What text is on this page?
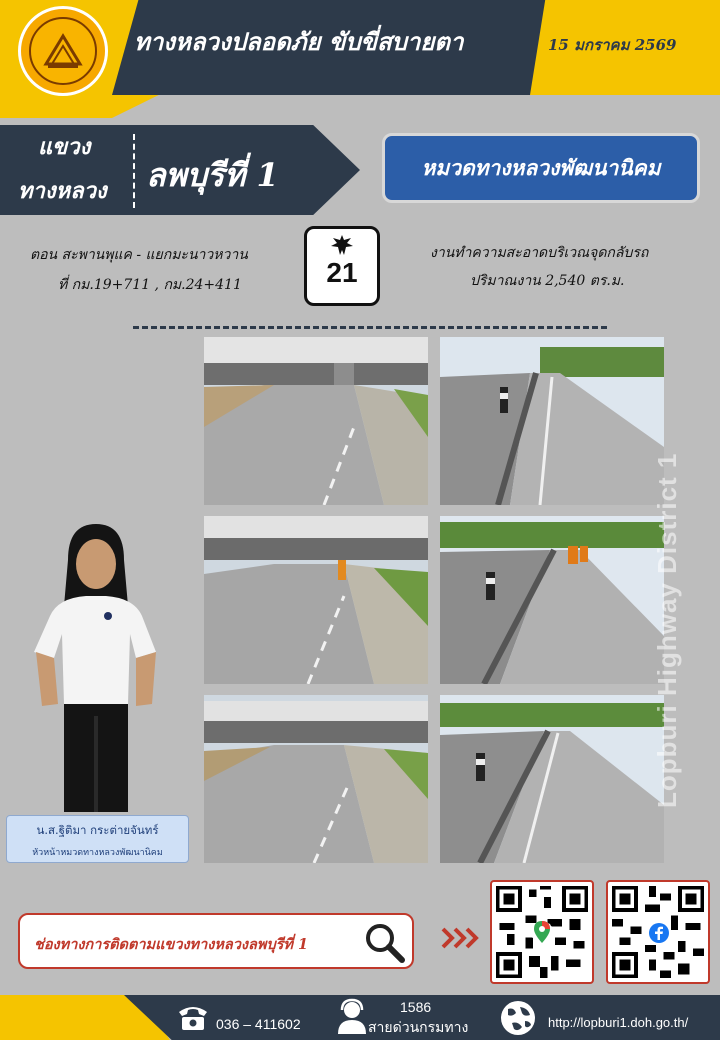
ทางหลวงปลอดภัย ขับขี่สบายตา	15 มกราคม 2569
แขวง
ทางหลวง ลพบุรีที่ 1	หมวดทางหลวงพัฒนานิคม
ตอน สะพานพุแค - แยกมะนาวหวาน
ที่ กม.19+711 , กม.24+411	21
งานทำความสะอาดบริเวณจุดกลับรถ
ปริมาณงาน 2,540 ตร.ม.
Lopburi Highway District 1
น.ส.ฐิติมา กระต่ายจันทร์
หัวหน้าหมวดทางหลวงพัฒนานิคม
ช่องทางการติดตามแขวงทางหลวงลพบุรีที่ 1
036 – 411602
1586
สายด่วนกรมทาง	http://lopburi1.doh.go.th/
